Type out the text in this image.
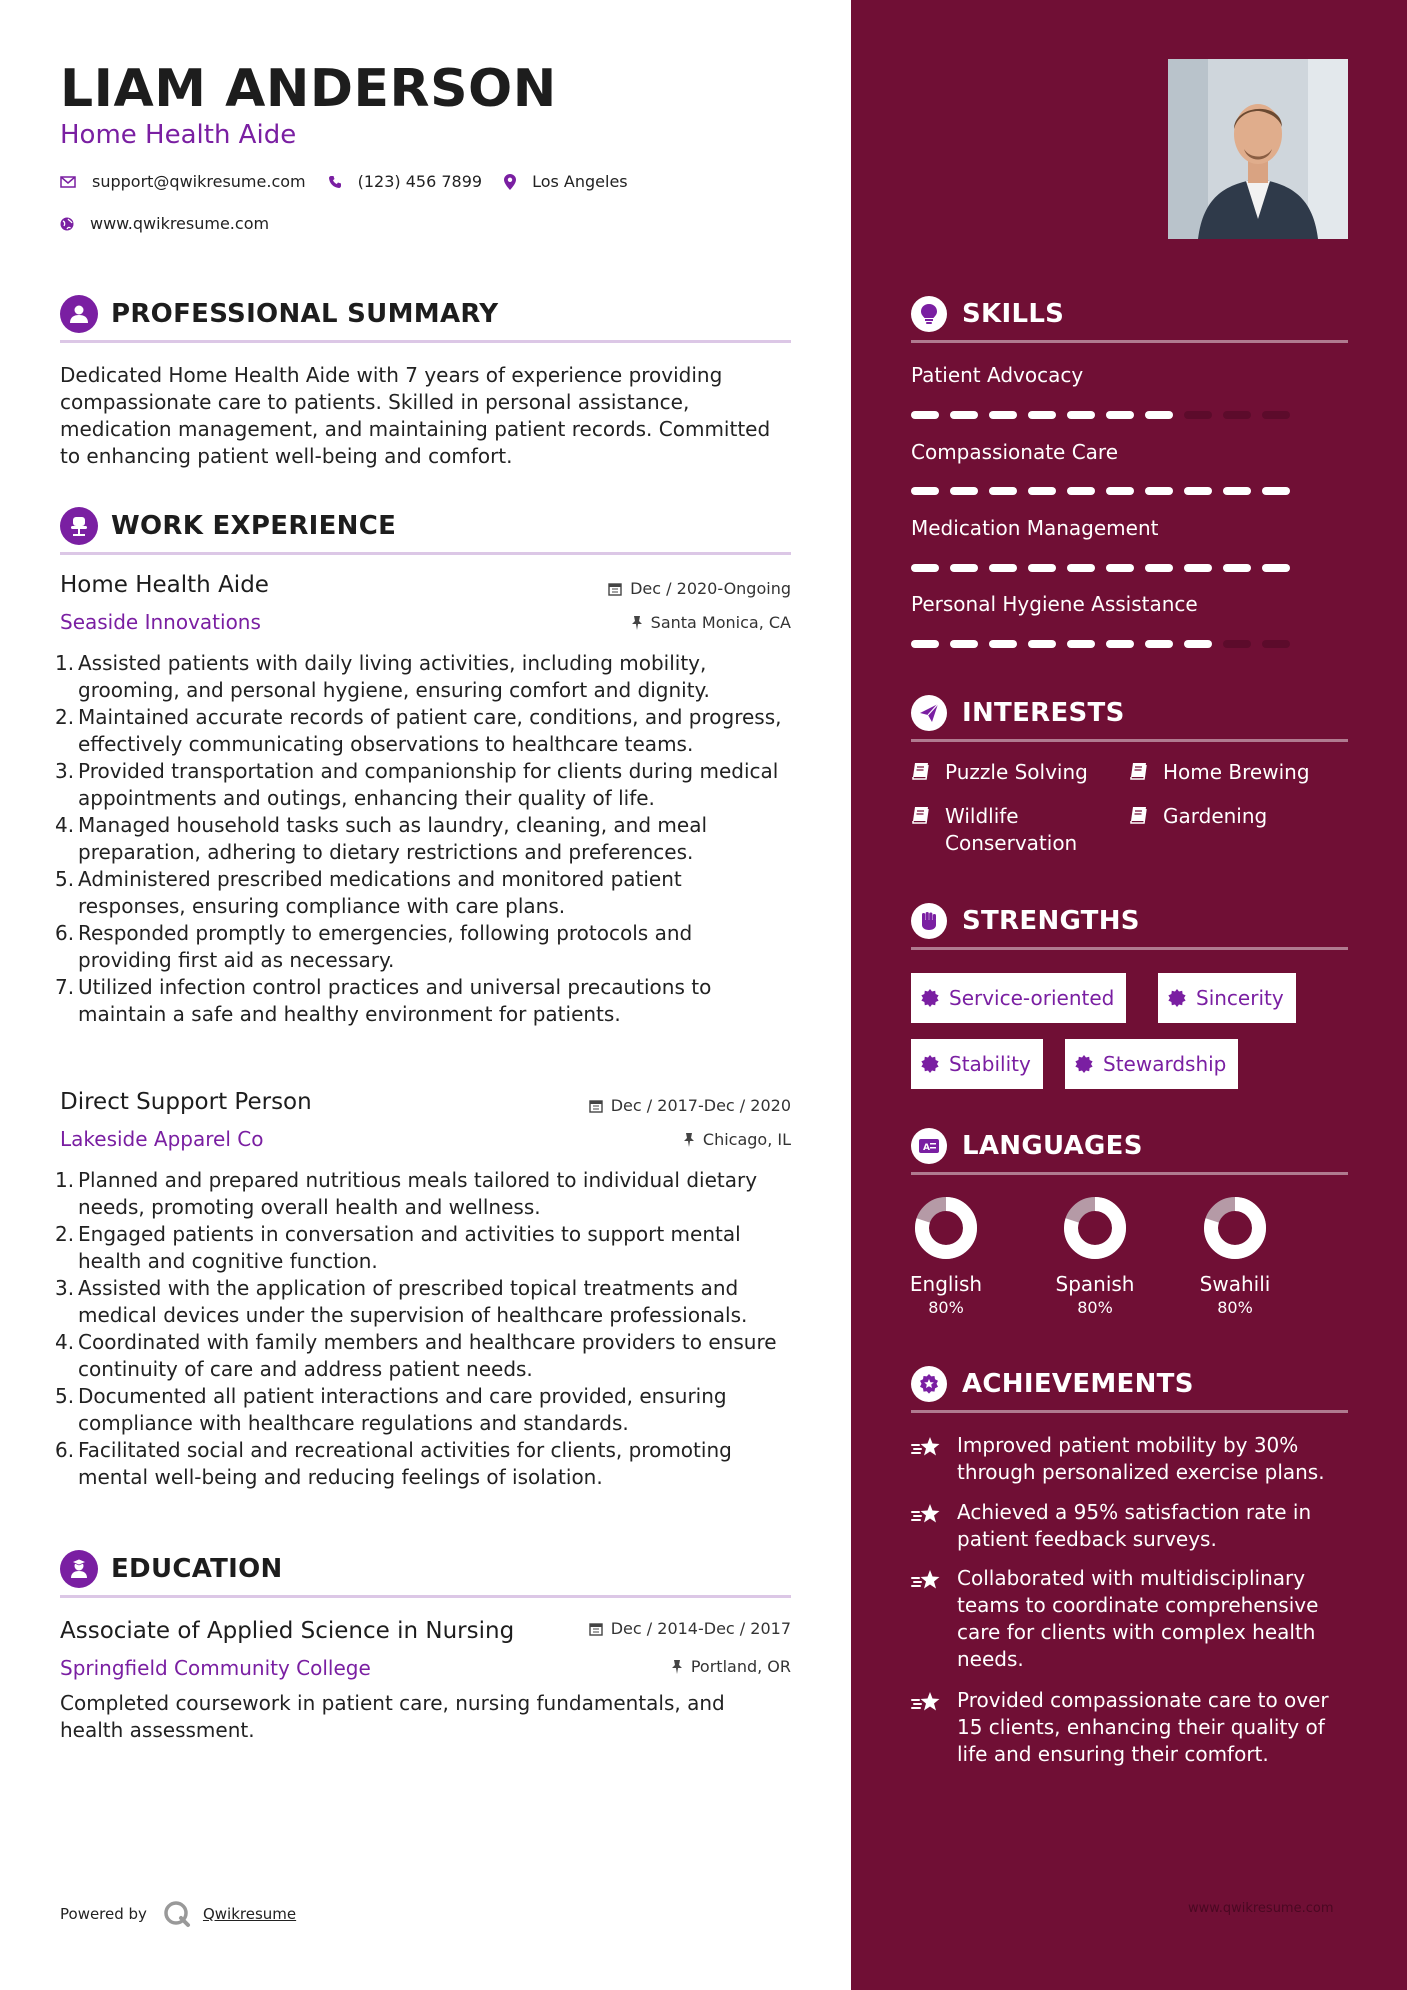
LIAM ANDERSON
Home Health Aide
support@qwikresume.com	(123) 456 7899	Los Angeles
www.qwikresume.com
PROFESSIONAL SUMMARY
Dedicated Home Health Aide with 7 years of experience providing compassionate care to patients. Skilled in personal assistance, medication management, and maintaining patient records. Committed to enhancing patient well-being and comfort.
WORK EXPERIENCE
Home Health Aide	Dec / 2020-Ongoing
Seaside Innovations	Santa Monica, CA
1. Assisted patients with daily living activities, including mobility, grooming, and personal hygiene, ensuring comfort and dignity.
2. Maintained accurate records of patient care, conditions, and progress, effectively communicating observations to healthcare teams.
3. Provided transportation and companionship for clients during medical appointments and outings, enhancing their quality of life.
4. Managed household tasks such as laundry, cleaning, and meal preparation, adhering to dietary restrictions and preferences.
5. Administered prescribed medications and monitored patient responses, ensuring compliance with care plans.
6. Responded promptly to emergencies, following protocols and providing first aid as necessary.
7. Utilized infection control practices and universal precautions to maintain a safe and healthy environment for patients.
Direct Support Person	Dec / 2017-Dec / 2020
Lakeside Apparel Co	Chicago, IL
1. Planned and prepared nutritious meals tailored to individual dietary needs, promoting overall health and wellness.
2. Engaged patients in conversation and activities to support mental health and cognitive function.
3. Assisted with the application of prescribed topical treatments and medical devices under the supervision of healthcare professionals.
4. Coordinated with family members and healthcare providers to ensure continuity of care and address patient needs.
5. Documented all patient interactions and care provided, ensuring compliance with healthcare regulations and standards.
6. Facilitated social and recreational activities for clients, promoting mental well-being and reducing feelings of isolation.
EDUCATION
Associate of Applied Science in Nursing	Dec / 2014-Dec / 2017
Springfield Community College	Portland, OR
Completed coursework in patient care, nursing fundamentals, and health assessment.
Powered by	Qwikresume
SKILLS
Patient Advocacy
Compassionate Care
Medication Management
Personal Hygiene Assistance
INTERESTS
Puzzle Solving	Home Brewing
Wildlife Conservation
Gardening
STRENGTHS
Service-oriented	Sincerity
Stability	Stewardship
A LANGUAGES
English
80%
Spanish
80%
Swahili
80%
ACHIEVEMENTS
Improved patient mobility by 30% through personalized exercise plans.
Achieved a 95% satisfaction rate in patient feedback surveys.
Collaborated with multidisciplinary teams to coordinate comprehensive care for clients with complex health needs.
Provided compassionate care to over 15 clients, enhancing their quality of life and ensuring their comfort.
www.qwikresume.com
